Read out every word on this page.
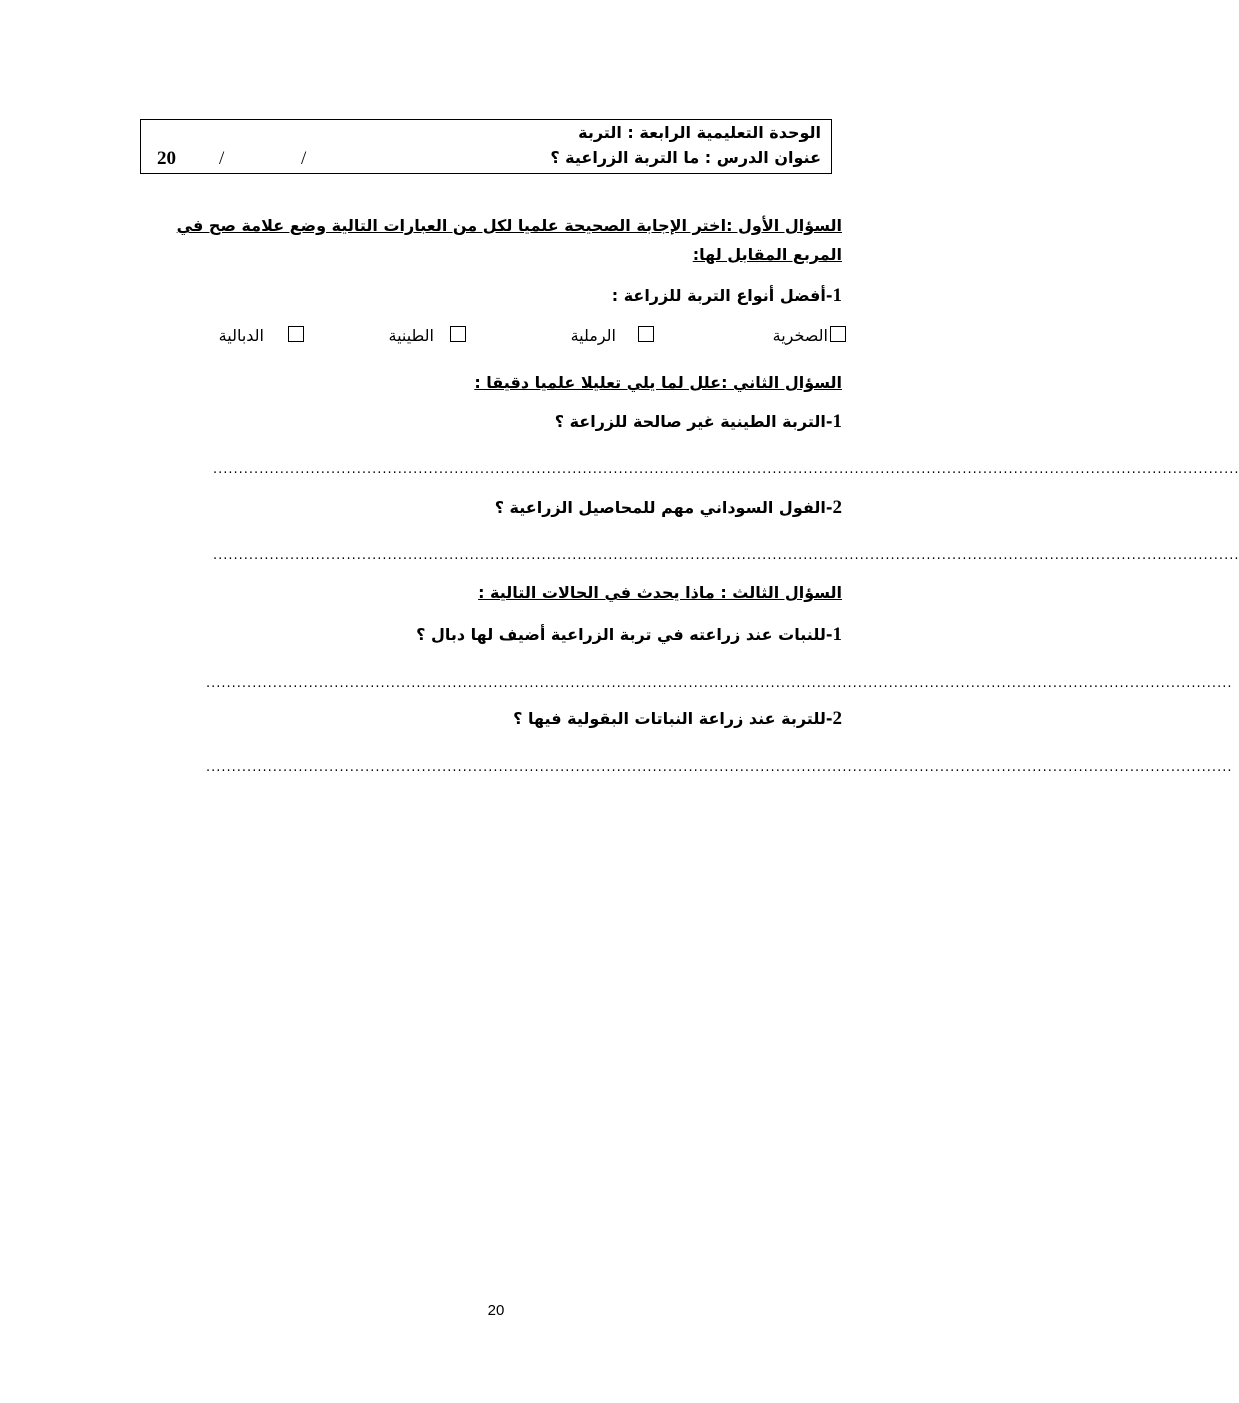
الوحدة التعليمية الرابعة : التربة
عنوان الدرس : ما التربة الزراعية ؟
20 /	/
السؤال الأول :اختر الإجابة الصحيحة علميا لكل من العبارات التالية وضع علامة صح في
المربع المقابل لها:
1-أفضل أنواع التربة للزراعة :
الصخرية
الرملية
الطينية
الدبالية
السؤال الثاني :علل لما يلي تعليلا علميا دقيقا :
1-التربة الطينية غير صالحة للزراعة ؟
........................................................................................................................................................................................................
2-الفول السوداني مهم للمحاصيل الزراعية ؟
........................................................................................................................................................................................................
السؤال الثالث : ماذا يحدث في الحالات التالية :
1-للنبات عند زراعته في تربة الزراعية أضيف لها دبال ؟
........................................................................................................................................................................................................
2-للتربة عند زراعة النباتات البقولية فيها ؟
........................................................................................................................................................................................................
20
